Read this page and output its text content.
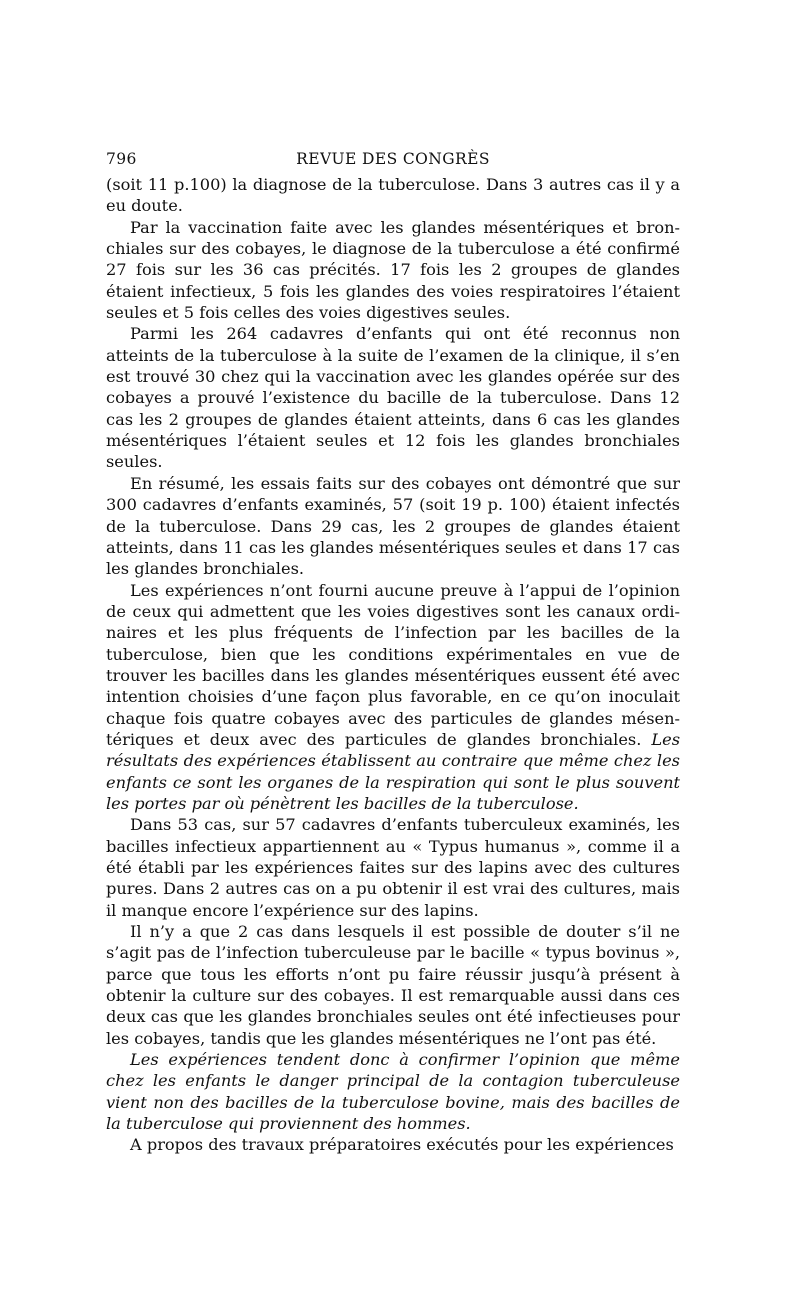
796	REVUE DES CONGRÈS

(soit 11 p.100) la diagnose de la tuberculose. Dans 3 autres cas il y a eu doute.

Par la vaccination faite avec les glandes mésentériques et bronchiales sur des cobayes, le diagnose de la tuberculose a été confirmé 27 fois sur les 36 cas précités. 17 fois les 2 groupes de glandes étaient infectieux, 5 fois les glandes des voies respiratoires l’étaient seules et 5 fois celles des voies digestives seules.

Parmi les 264 cadavres d’enfants qui ont été reconnus non atteints de la tuberculose à la suite de l’examen de la clinique, il s’en est trouvé 30 chez qui la vaccination avec les glandes opérée sur des cobayes a prouvé l’existence du bacille de la tuberculose. Dans 12 cas les 2 groupes de glandes étaient atteints, dans 6 cas les glandes mésentériques l’étaient seules et 12 fois les glandes bronchiales seules.

En résumé, les essais faits sur des cobayes ont démontré que sur 300 cadavres d’enfants examinés, 57 (soit 19 p. 100) étaient infectés de la tuberculose. Dans 29 cas, les 2 groupes de glandes étaient atteints, dans 11 cas les glandes mésentériques seules et dans 17 cas les glandes bronchiales.

Les expériences n’ont fourni aucune preuve à l’appui de l’opinion de ceux qui admettent que les voies digestives sont les canaux ordinaires et les plus fréquents de l’infection par les bacilles de la tuberculose, bien que les conditions expérimentales en vue de trouver les bacilles dans les glandes mésentériques eussent été avec intention choisies d’une façon plus favorable, en ce qu’on inoculait chaque fois quatre cobayes avec des particules de glandes mésentériques et deux avec des particules de glandes bronchiales. Les résultats des expériences établissent au contraire que même chez les enfants ce sont les organes de la respiration qui sont le plus souvent les portes par où pénètrent les bacilles de la tuberculose.

Dans 53 cas, sur 57 cadavres d’enfants tuberculeux examinés, les bacilles infectieux appartiennent au « Typus humanus », comme il a été établi par les expériences faites sur des lapins avec des cultures pures. Dans 2 autres cas on a pu obtenir il est vrai des cultures, mais il manque encore l’expérience sur des lapins.

Il n’y a que 2 cas dans lesquels il est possible de douter s’il ne s’agit pas de l’infection tuberculeuse par le bacille « typus bovinus », parce que tous les efforts n’ont pu faire réussir jusqu’à présent à obtenir la culture sur des cobayes. Il est remarquable aussi dans ces deux cas que les glandes bronchiales seules ont été infectieuses pour les cobayes, tandis que les glandes mésentériques ne l’ont pas été.

Les expériences tendent donc à confirmer l’opinion que même chez les enfants le danger principal de la contagion tuberculeuse vient non des bacilles de la tuberculose bovine, mais des bacilles de la tuberculose qui proviennent des hommes.

A propos des travaux préparatoires exécutés pour les expériences
